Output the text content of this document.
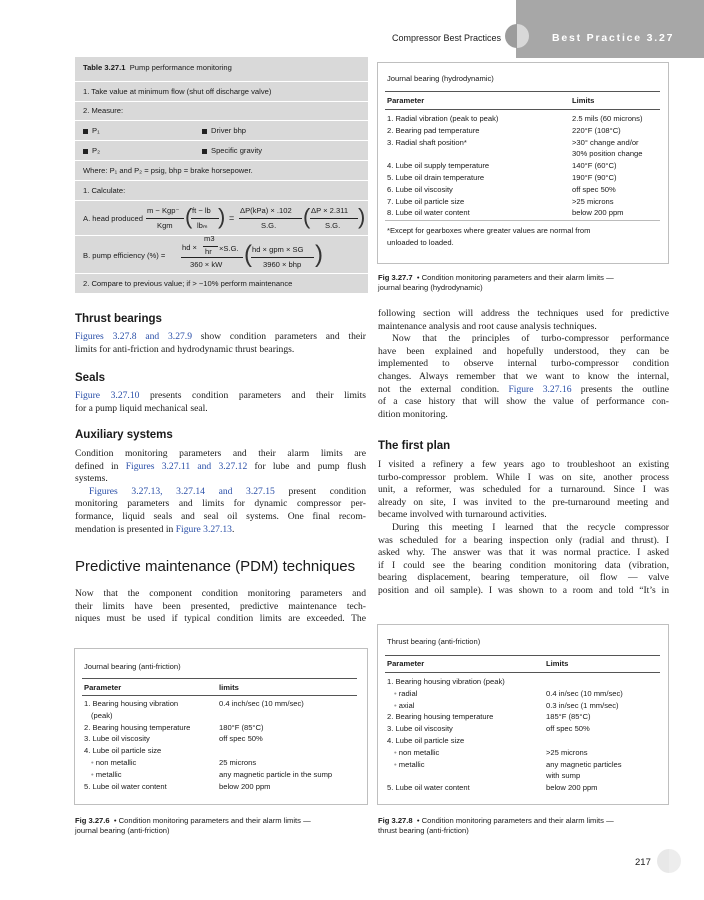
Compressor Best Practices	Best Practice 3.27
Table 3.27.1 Pump performance monitoring
1. Take value at minimum flow (shut off discharge valve)
2. Measure:
P₁	Driver bhp
P₂	Specific gravity
Where: P₁ and P₂ = psig, bhp = brake horsepower.
1. Calculate:
A. head produced
m − Kgp⁻
Kgm ( ft − lb
lbₘ ) =
ΔP(kPa) × .102
S.G. ( ΔP × 2.311
S.G. )
B. pump efficiency (%) =
m3
hd × hr ×S.G.
360 × kW ( hd × gpm × SG
3960 × bhp )
2. Compare to previous value; if > −10% perform maintenance
Journal bearing (hydrodynamic)
Parameter	Limits
1. Radial vibration (peak to peak)	2.5 mils (60 microns)
2. Bearing pad temperature	220°F (108°C)
3. Radial shaft position*	>30° change and/or
30% position change
4. Lube oil supply temperature	140°F (60°C)
5. Lube oil drain temperature	190°F (90°C)
6. Lube oil viscosity	off spec 50%
7. Lube oil particle size	>25 microns
8. Lube oil water content	below 200 ppm
*Except for gearboxes where greater values are normal from
unloaded to loaded.
Fig 3.27.7  • Condition monitoring parameters and their alarm limits —
journal bearing (hydrodynamic)
Thrust bearings
Figures 3.27.8 and 3.27.9 show condition parameters and their
limits for anti-friction and hydrodynamic thrust bearings.
Seals
Figure 3.27.10 presents condition parameters and their limits
for a pump liquid mechanical seal.
Auxiliary systems
Condition monitoring parameters and their alarm limits are
defined in Figures 3.27.11 and 3.27.12 for lube and pump flush
systems.
Figures 3.27.13, 3.27.14 and 3.27.15 present condition
monitoring parameters and limits for dynamic compressor per-
formance, liquid seals and seal oil systems. One final recom-
mendation is presented in Figure 3.27.13.
Predictive maintenance (PDM) techniques
Now that the component condition monitoring parameters and
their limits have been presented, predictive maintenance tech-
niques must be used if typical condition limits are exceeded. The
following section will address the techniques used for predictive
maintenance analysis and root cause analysis techniques.
Now that the principles of turbo-compressor performance
have been explained and hopefully understood, they can be
implemented to observe internal turbo-compressor condition
changes. Always remember that we want to know the internal,
not the external condition. Figure 3.27.16 presents the outline
of a case history that will show the value of performance con-
dition monitoring.
The first plan
I visited a refinery a few years ago to troubleshoot an existing
turbo-compressor problem. While I was on site, another process
unit, a reformer, was scheduled for a turnaround. Since I was
already on site, I was invited to the pre-turnaround meeting and
became involved with turnaround activities.
During this meeting I learned that the recycle compressor
was scheduled for a bearing inspection only (radial and thrust). I
asked why. The answer was that it was normal practice. I asked
if I could see the bearing condition monitoring data (vibration,
bearing displacement, bearing temperature, oil flow — valve
position and oil sample). I was shown to a room and told “It’s in
Journal bearing (anti-friction)
Parameter	limits
1. Bearing housing vibration	0.4 inch/sec (10 mm/sec)
(peak)
2. Bearing housing temperature	180°F (85°C)
3. Lube oil viscosity	off spec 50%
4. Lube oil particle size
• non metallic	25 microns
• metallic	any magnetic particle in the sump
5. Lube oil water content	below 200 ppm
Fig 3.27.6  • Condition monitoring parameters and their alarm limits —
journal bearing (anti-friction)
Thrust bearing (anti-friction)
Parameter	Limits
1. Bearing housing vibration (peak)
• radial	0.4 in/sec (10 mm/sec)
• axial	0.3 in/sec (1 mm/sec)
2. Bearing housing temperature	185°F (85°C)
3. Lube oil viscosity	off spec 50%
4. Lube oil particle size
• non metallic	>25 microns
• metallic	any magnetic particles
with sump
5. Lube oil water content	below 200 ppm
Fig 3.27.8  • Condition monitoring parameters and their alarm limits —
thrust bearing (anti-friction)
217
